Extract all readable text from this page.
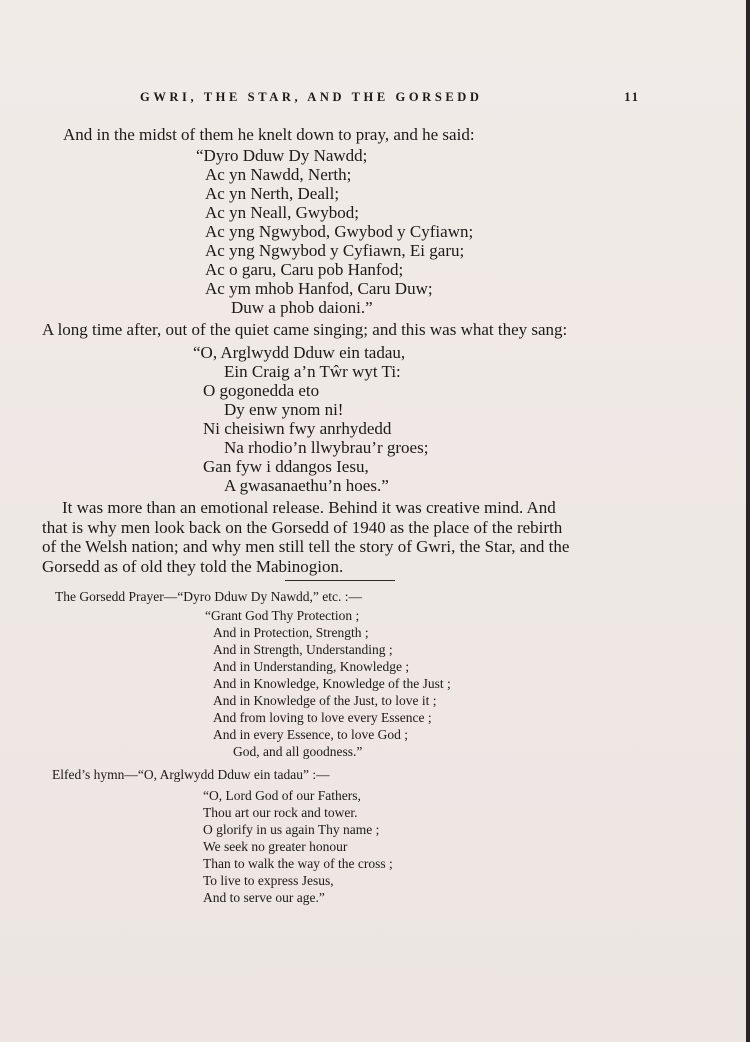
GWRI, THE STAR, AND THE GORSEDD	11
And in the midst of them he knelt down to pray, and he said:
“Dyro Dduw Dy Nawdd;
Ac yn Nawdd, Nerth;
Ac yn Nerth, Deall;
Ac yn Neall, Gwybod;
Ac yng Ngwybod, Gwybod y Cyfiawn;
Ac yng Ngwybod y Cyfiawn, Ei garu;
Ac o garu, Caru pob Hanfod;
Ac ym mhob Hanfod, Caru Duw;
Duw a phob daioni.”
A long time after, out of the quiet came singing; and this was what they sang:
“O, Arglwydd Dduw ein tadau,
Ein Craig a’n Tŵr wyt Ti:
O gogonedda eto
Dy enw ynom ni!
Ni cheisiwn fwy anrhydedd
Na rhodio’n llwybrau’r groes;
Gan fyw i ddangos Iesu,
A gwasanaethu’n hoes.”
It was more than an emotional release. Behind it was creative mind. And
that is why men look back on the Gorsedd of 1940 as the place of the rebirth
of the Welsh nation; and why men still tell the story of Gwri, the Star, and the
Gorsedd as of old they told the Mabinogion.
The Gorsedd Prayer—“Dyro Dduw Dy Nawdd,” etc. :—
“Grant God Thy Protection ;
And in Protection, Strength ;
And in Strength, Understanding ;
And in Understanding, Knowledge ;
And in Knowledge, Knowledge of the Just ;
And in Knowledge of the Just, to love it ;
And from loving to love every Essence ;
And in every Essence, to love God ;
God, and all goodness.”
Elfed’s hymn—“O, Arglwydd Dduw ein tadau” :—
“O, Lord God of our Fathers,
Thou art our rock and tower.
O glorify in us again Thy name ;
We seek no greater honour
Than to walk the way of the cross ;
To live to express Jesus,
And to serve our age.”
